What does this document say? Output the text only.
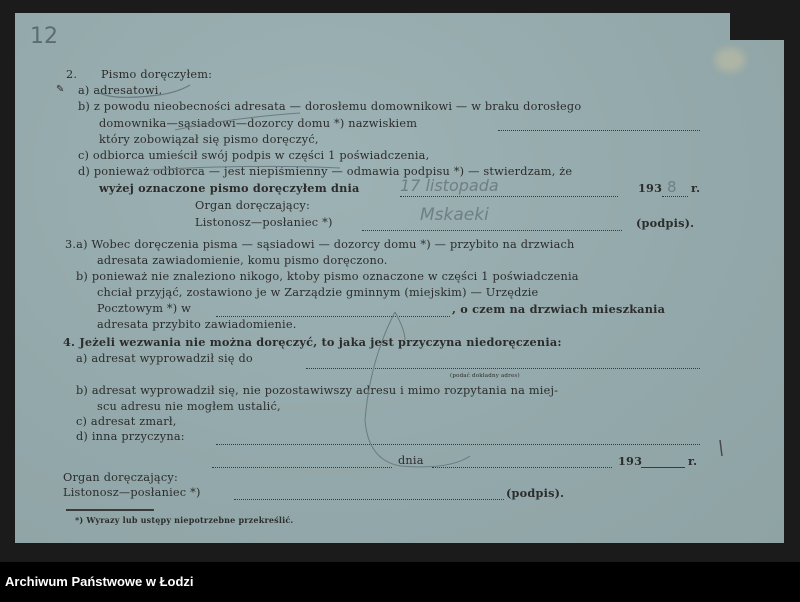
12
2. Pismo doręczyłem:
✎ a) adresatowi,
b) z powodu nieobecności adresata — dorosłemu domownikowi — w braku dorosłego
domownika—sąsiadowi—dozorcy domu *) nazwiskiem
który zobowiązał się pismo doręczyć,
c) odbiorca umieścił swój podpis w części 1 poświadczenia,
d) ponieważ odbiorca — jest niepiśmienny — odmawia podpisu *) — stwierdzam, że
wyżej oznaczone pismo doręczyłem dnia	17 listopada	193 8 r.
Organ doręczający:
Listonosz—posłaniec *)	Mskaeki	(podpis).
3.a) Wobec doręczenia pisma — sąsiadowi — dozorcy domu *) — przybito na drzwiach
adresata zawiadomienie, komu pismo doręczono.
b) ponieważ nie znaleziono nikogo, ktoby pismo oznaczone w części 1 poświadczenia
chciał przyjąć, zostawiono je w Zarządzie gminnym (miejskim) — Urzędzie
Pocztowym *) w	, o czem na drzwiach mieszkania
adresata przybito zawiadomienie.
4. Jeżeli wezwania nie można doręczyć, to jaka jest przyczyna niedoręczenia:
a) adresat wyprowadził się do
(podać dokładny adres)
b) adresat wyprowadził się, nie pozostawiwszy adresu i mimo rozpytania na miej-
scu adresu nie mogłem ustalić,
c) adresat zmarł,
d) inna przyczyna:
dnia	193	r.
Organ doręczający:
Listonosz—posłaniec *)	(podpis).
*) Wyrazy lub ustępy niepotrzebne przekreślić.
Archiwum Państwowe w Łodzi
